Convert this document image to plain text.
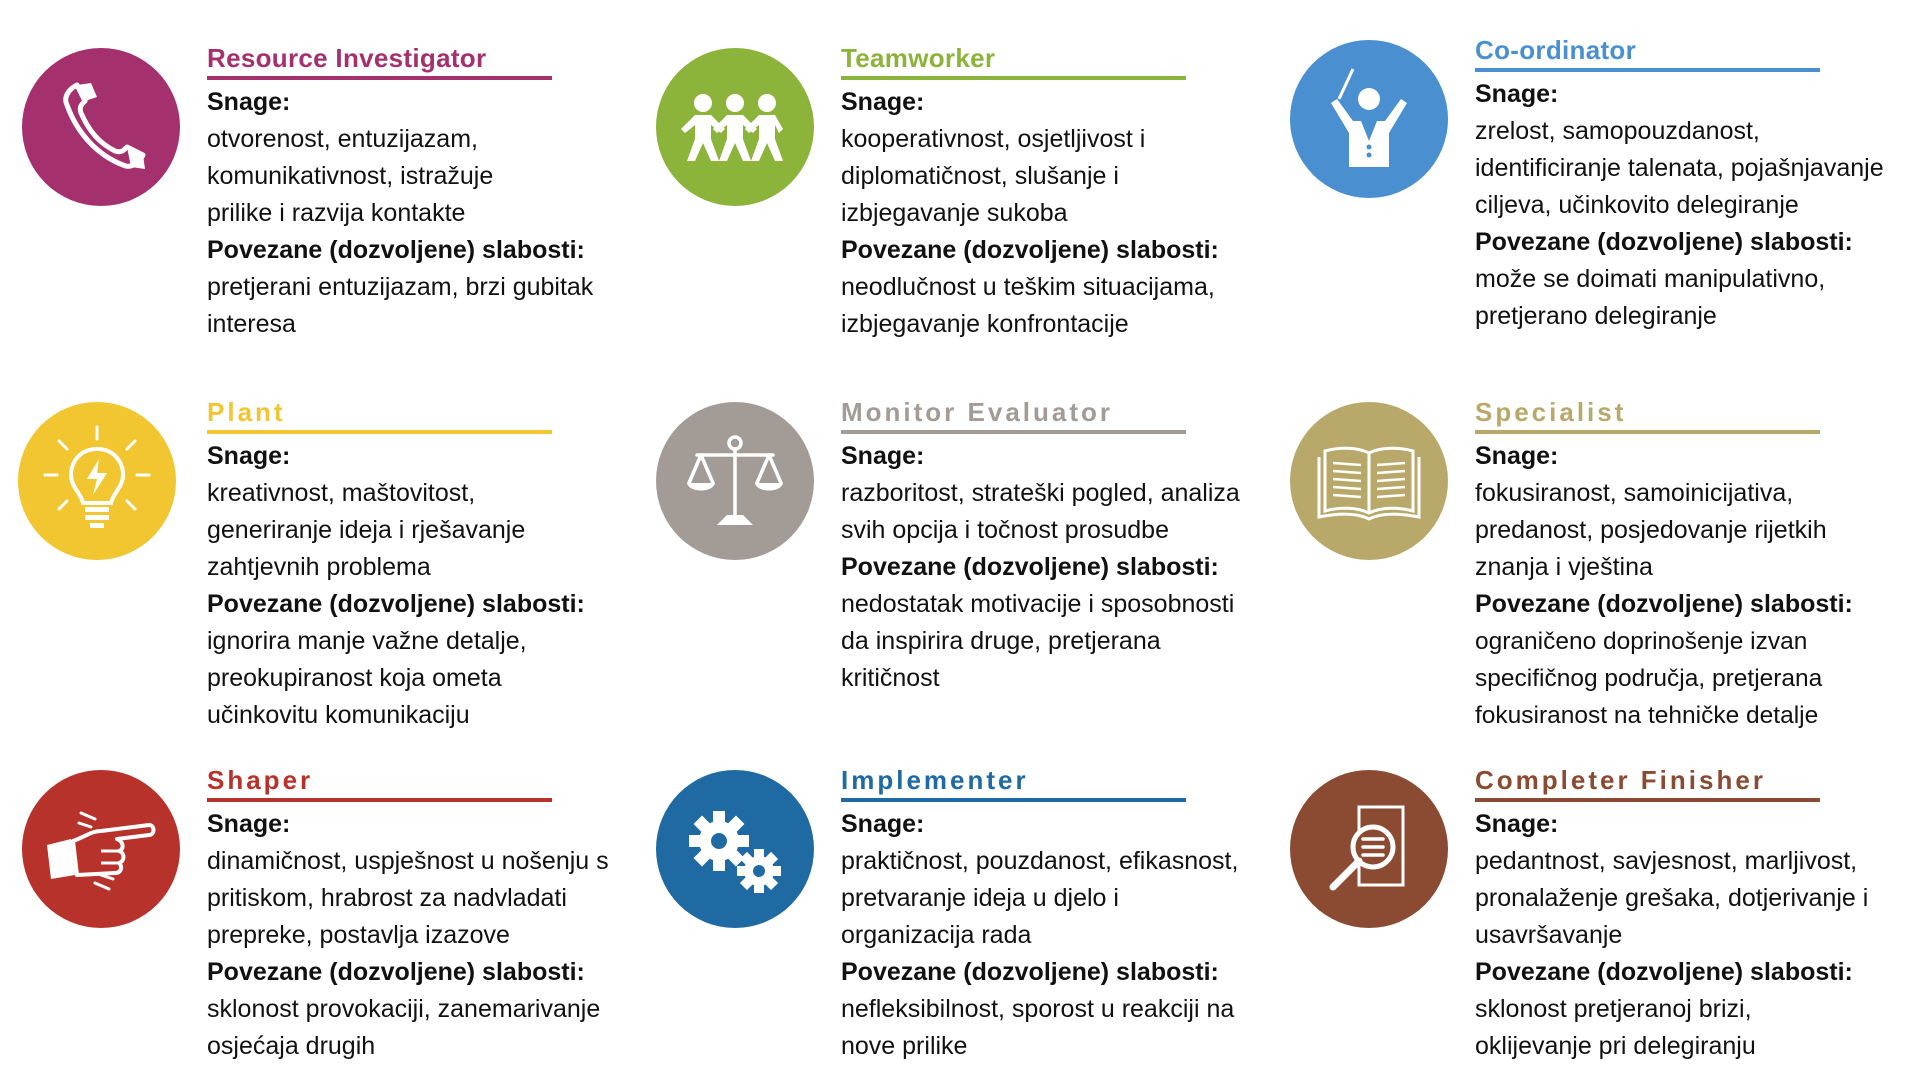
Resource Investigator
Snage:
otvorenost, entuzijazam, komunikativnost, istražuje prilike i razvija kontakte
Povezane (dozvoljene) slabosti:
pretjerani entuzijazam, brzi gubitak interesa
Teamworker
Snage:
kooperativnost, osjetljivost i diplomatičnost, slušanje i izbjegavanje sukoba
Povezane (dozvoljene) slabosti:
neodlučnost u teškim situacijama, izbjegavanje konfrontacije
Co-ordinator
Snage:
zrelost, samopouzdanost, identificiranje talenata, pojašnjavanje ciljeva, učinkovito delegiranje
Povezane (dozvoljene) slabosti:
može se doimati manipulativno, pretjerano delegiranje
Plant
Snage:
kreativnost, maštovitost, generiranje ideja i rješavanje zahtjevnih problema
Povezane (dozvoljene) slabosti:
ignorira manje važne detalje, preokupiranost koja ometa učinkovitu komunikaciju
Monitor Evaluator
Snage:
razboritost, strateški pogled, analiza svih opcija i točnost prosudbe
Povezane (dozvoljene) slabosti:
nedostatak motivacije i sposobnosti da inspirira druge, pretjerana kritičnost
Specialist
Snage:
fokusiranost, samoinicijativa, predanost, posjedovanje rijetkih znanja i vještina
Povezane (dozvoljene) slabosti:
ograničeno doprinošenje izvan specifičnog područja, pretjerana fokusiranost na tehničke detalje
Shaper
Snage:
dinamičnost, uspješnost u nošenju s pritiskom, hrabrost za nadvladati prepreke, postavlja izazove
Povezane (dozvoljene) slabosti:
sklonost provokaciji, zanemarivanje osjećaja drugih
Implementer
Snage:
praktičnost, pouzdanost, efikasnost, pretvaranje ideja u djelo i organizacija rada
Povezane (dozvoljene) slabosti:
nefleksibilnost, sporost u reakciji na nove prilike
Completer Finisher
Snage:
pedantnost, savjesnost, marljivost, pronalaženje grešaka, dotjerivanje i usavršavanje
Povezane (dozvoljene) slabosti:
sklonost pretjeranoj brizi, oklijevanje pri delegiranju
